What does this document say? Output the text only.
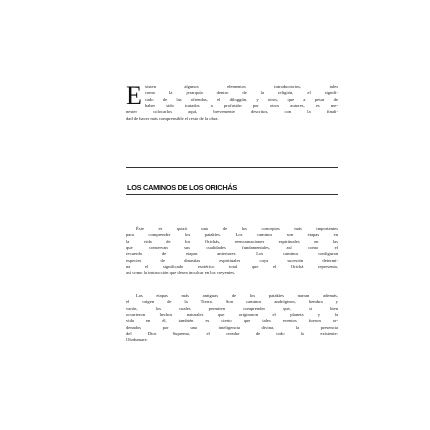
E xisten algunos elementos introductorios, tales
como la jerarquía dentro de la religión, el signifi-
cado de las ofrendas, el diloggún, y otros, que a pesar de
haber sido tratados a profusión por otros autores, es me-
nester colocarlos aquí, brevemente descritos, con la finali-
dad de hacer más comprensible el resto de la obra.
LOS CAMINOS DE LOS ORICHÁS
Éste es quizá uno de los conceptos más importantes
para comprender los patakíes. Los caminos son etapas en
la vida de los Orichás, reencarnaciones espirituales en las
que conservan sus cualidades fundamentales, así como el
recuerdo de etapas anteriores. Los caminos configuran
especies de dinastías espirituales cuya sucesión determi-
na el significado esotérico total que el Orichá representa,
así como la instrucción que desea inculcar en los creyentes.
Las etapas más antiguas de los patakíes narran además,
el origen de la Tierra. Son caminos andróginos, hembra y
varón, los cuales permiten comprender que, si bien
ocurrieron hechos naturales que originaron el planeta y la
vida en él, también es cierto que tales eventos fueron or-
denados por una inteligencia divina, la presencia
del Dios Supremo, el creador de todo lo existente:
Olodumare.
